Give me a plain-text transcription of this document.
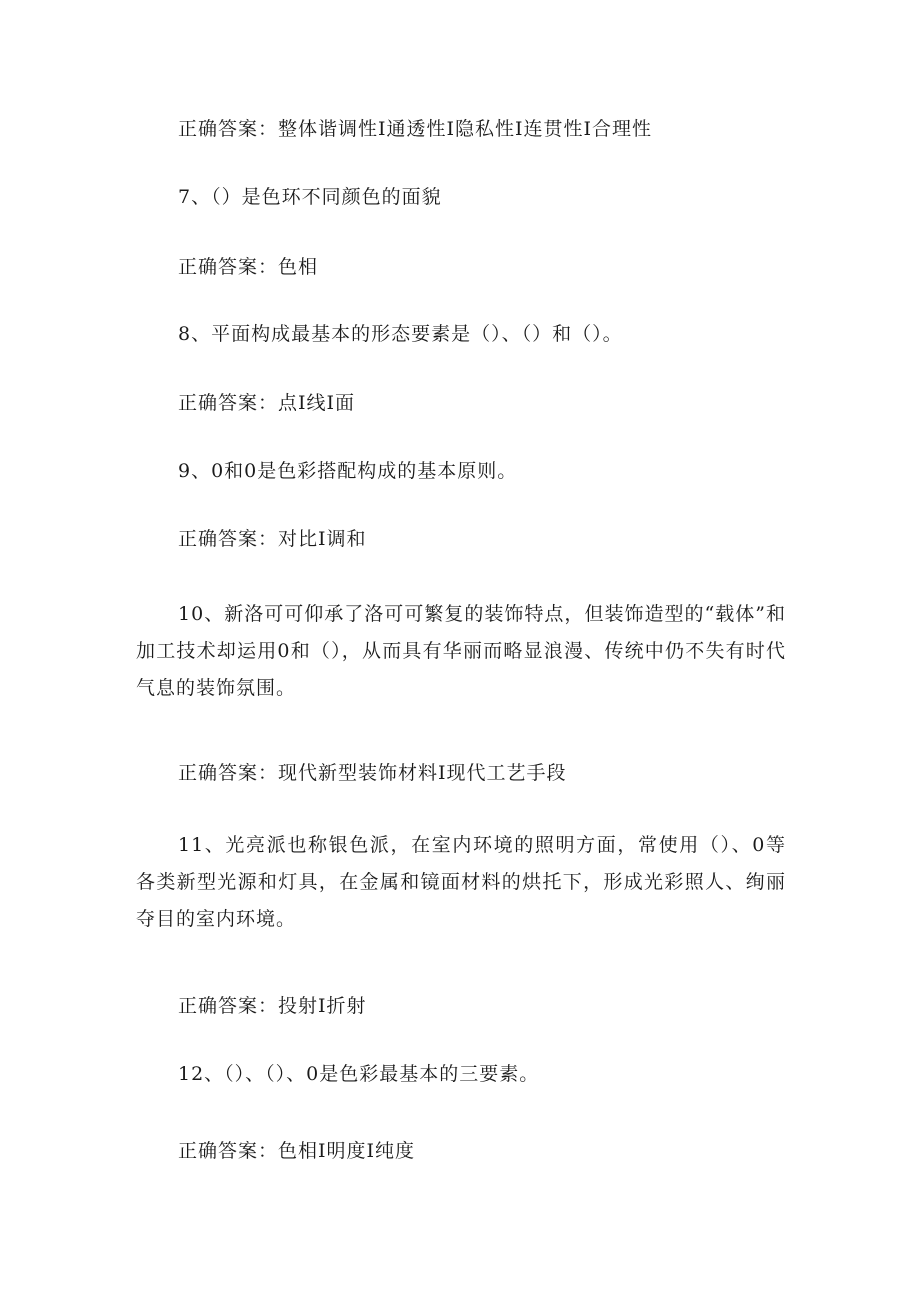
正确答案：整体谐调性I通透性I隐私性I连贯性I合理性
7、（）是色环不同颜色的面貌
正确答案：色相
8、平面构成最基本的形态要素是（）、（）和（）。
正确答案：点I线I面
9、0和0是色彩搭配构成的基本原则。
正确答案：对比I调和
10、新洛可可仰承了洛可可繁复的装饰特点，但装饰造型的“载体”和加工技术却运用0和（），从而具有华丽而略显浪漫、传统中仍不失有时代气息的装饰氛围。
正确答案：现代新型装饰材料I现代工艺手段
11、光亮派也称银色派，在室内环境的照明方面，常使用（）、0等各类新型光源和灯具，在金属和镜面材料的烘托下，形成光彩照人、绚丽夺目的室内环境。
正确答案：投射I折射
12、（）、（）、0是色彩最基本的三要素。
正确答案：色相I明度I纯度
